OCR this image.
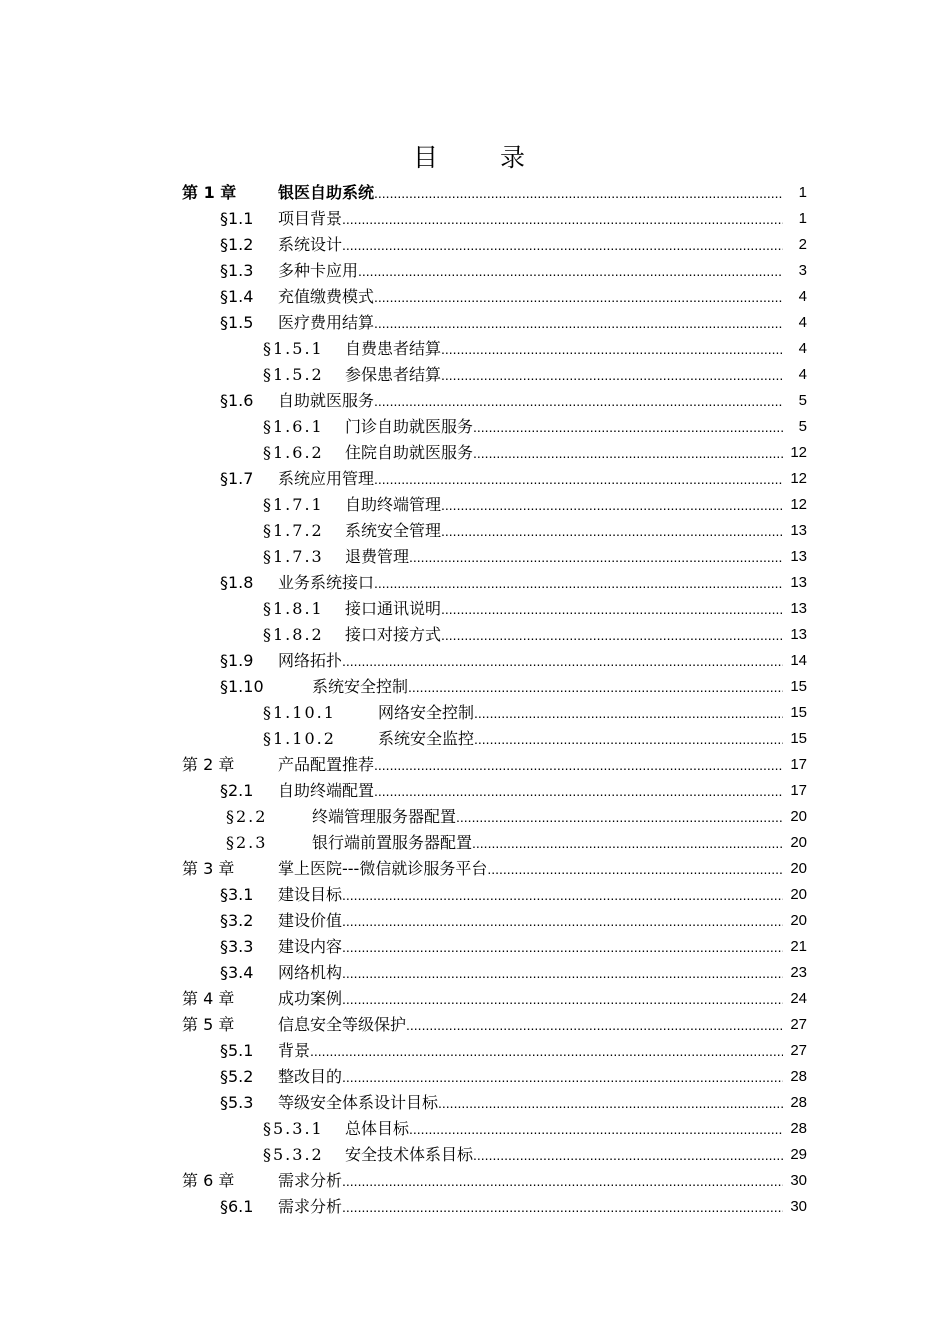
目录
第 1 章	银医自助系统 .....	1
§1.1 项目背景 .....	1
§1.2 系统设计 .....	2
§1.3 多种卡应用 .....	3
§1.4 充值缴费模式 .....	4
§1.5 医疗费用结算 .....	4
§1.5.1 自费患者结算 .....	4
§1.5.2 参保患者结算 .....	4
§1.6 自助就医服务 .....	5
§1.6.1 门诊自助就医服务 .....	5
§1.6.2 住院自助就医服务 .....	12
§1.7 系统应用管理 .....	12
§1.7.1 自助终端管理 .....	12
§1.7.2 系统安全管理 .....	13
§1.7.3 退费管理 .....	13
§1.8 业务系统接口 .....	13
§1.8.1 接口通讯说明 .....	13
§1.8.2 接口对接方式 .....	13
§1.9 网络拓扑 .....	14
§1.10	系统安全控制 .....	15
§1.10.1	网络安全控制 .....	15
§1.10.2	系统安全监控 .....	15
第 2 章	产品配置推荐 .....	17
§2.1 自助终端配置 .....	17
§2.2	终端管理服务器配置 .....	20
§2.3	银行端前置服务器配置 .....	20
第 3 章	掌上医院---微信就诊服务平台 .....	20
§3.1 建设目标 .....	20
§3.2 建设价值 .....	20
§3.3 建设内容 .....	21
§3.4 网络机构 .....	23
第 4 章	成功案例 .....	24
第 5 章	信息安全等级保护 .....	27
§5.1 背景 .....	27
§5.2 整改目的 .....	28
§5.3 等级安全体系设计目标 .....	28
§5.3.1 总体目标 .....	28
§5.3.2 安全技术体系目标 .....	29
第 6 章	需求分析 .....	30
§6.1 需求分析 .....	30
